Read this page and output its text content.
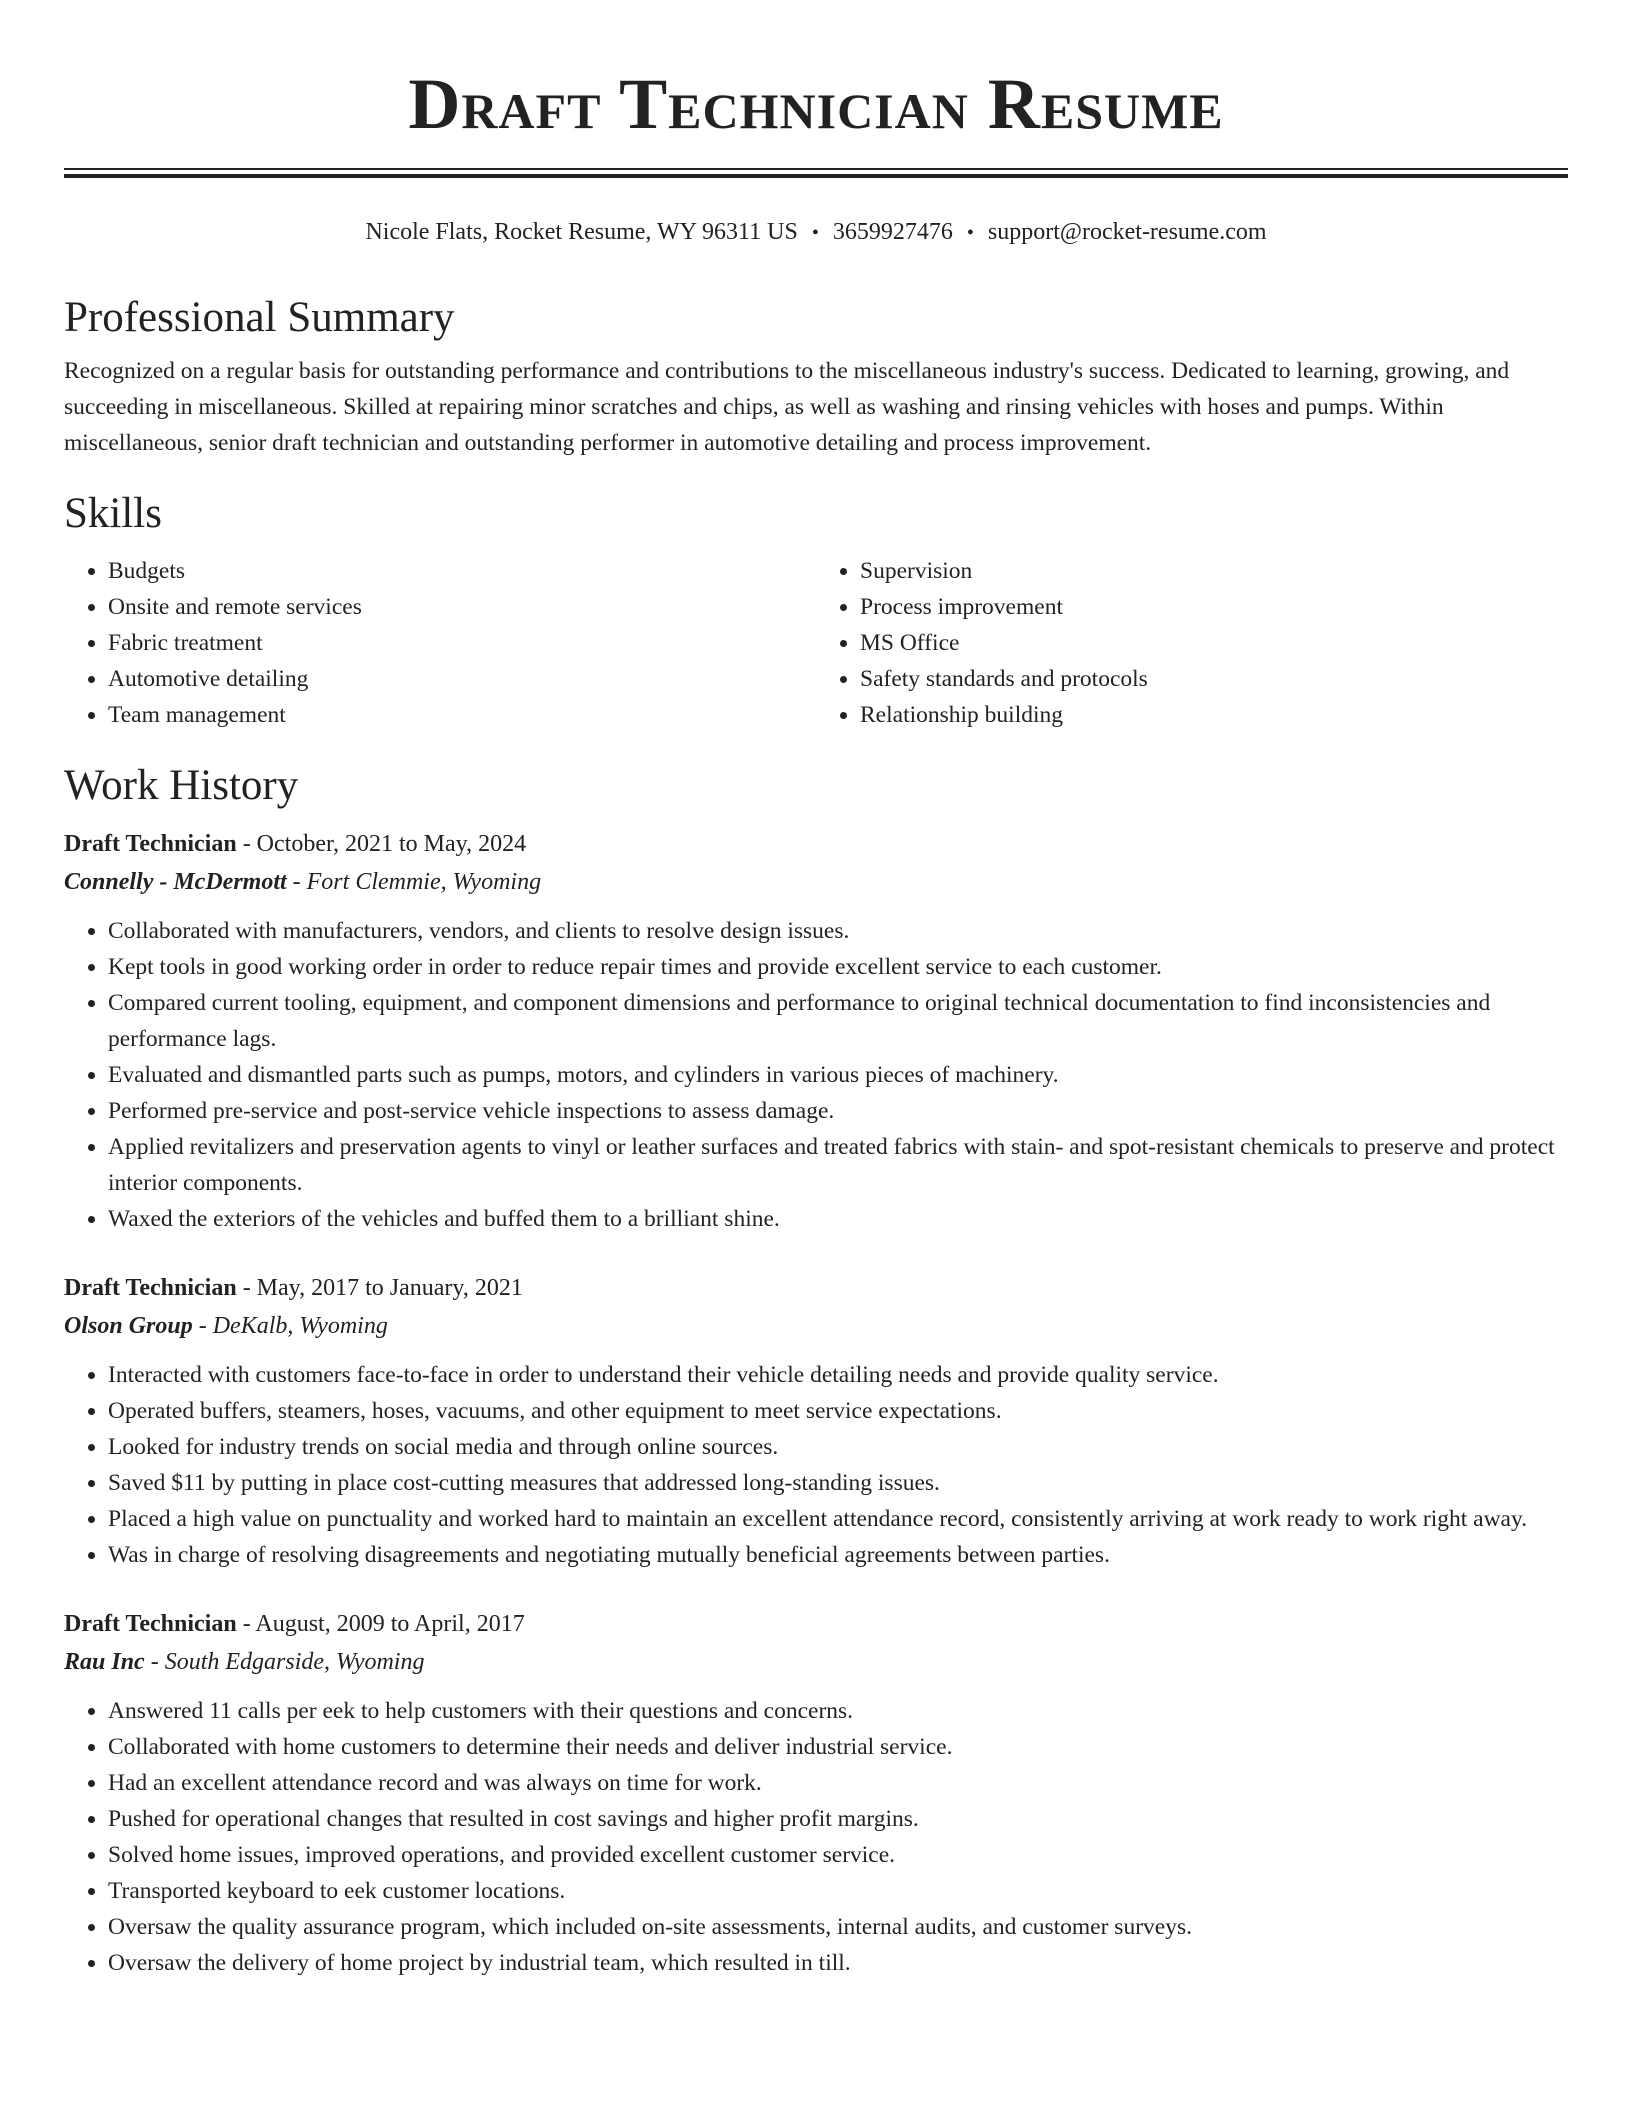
Draft Technician Resume
Nicole Flats, Rocket Resume, WY 96311 US • 3659927476 • support@rocket-resume.com
Professional Summary

Recognized on a regular basis for outstanding performance and contributions to the miscellaneous industry's success. Dedicated to learning, growing, and succeeding in miscellaneous. Skilled at repairing minor scratches and chips, as well as washing and rinsing vehicles with hoses and pumps. Within miscellaneous, senior draft technician and outstanding performer in automotive detailing and process improvement.

Skills
• Budgets
• Onsite and remote services
• Fabric treatment
• Automotive detailing
• Team management
• Supervision
• Process improvement
• MS Office
• Safety standards and protocols
• Relationship building
Work History
Draft Technician - October, 2021 to May, 2024
Connelly - McDermott - Fort Clemmie, Wyoming
• Collaborated with manufacturers, vendors, and clients to resolve design issues.
• Kept tools in good working order in order to reduce repair times and provide excellent service to each customer.
• Compared current tooling, equipment, and component dimensions and performance to original technical documentation to find inconsistencies and performance lags.
• Evaluated and dismantled parts such as pumps, motors, and cylinders in various pieces of machinery.
• Performed pre-service and post-service vehicle inspections to assess damage.
• Applied revitalizers and preservation agents to vinyl or leather surfaces and treated fabrics with stain- and spot-resistant chemicals to preserve and protect interior components.
• Waxed the exteriors of the vehicles and buffed them to a brilliant shine.
Draft Technician - May, 2017 to January, 2021
Olson Group - DeKalb, Wyoming
• Interacted with customers face-to-face in order to understand their vehicle detailing needs and provide quality service.
• Operated buffers, steamers, hoses, vacuums, and other equipment to meet service expectations.
• Looked for industry trends on social media and through online sources.
• Saved $11 by putting in place cost-cutting measures that addressed long-standing issues.
• Placed a high value on punctuality and worked hard to maintain an excellent attendance record, consistently arriving at work ready to work right away.
• Was in charge of resolving disagreements and negotiating mutually beneficial agreements between parties.
Draft Technician - August, 2009 to April, 2017
Rau Inc - South Edgarside, Wyoming
• Answered 11 calls per eek to help customers with their questions and concerns.
• Collaborated with home customers to determine their needs and deliver industrial service.
• Had an excellent attendance record and was always on time for work.
• Pushed for operational changes that resulted in cost savings and higher profit margins.
• Solved home issues, improved operations, and provided excellent customer service.
• Transported keyboard to eek customer locations.
• Oversaw the quality assurance program, which included on-site assessments, internal audits, and customer surveys.
• Oversaw the delivery of home project by industrial team, which resulted in till.
